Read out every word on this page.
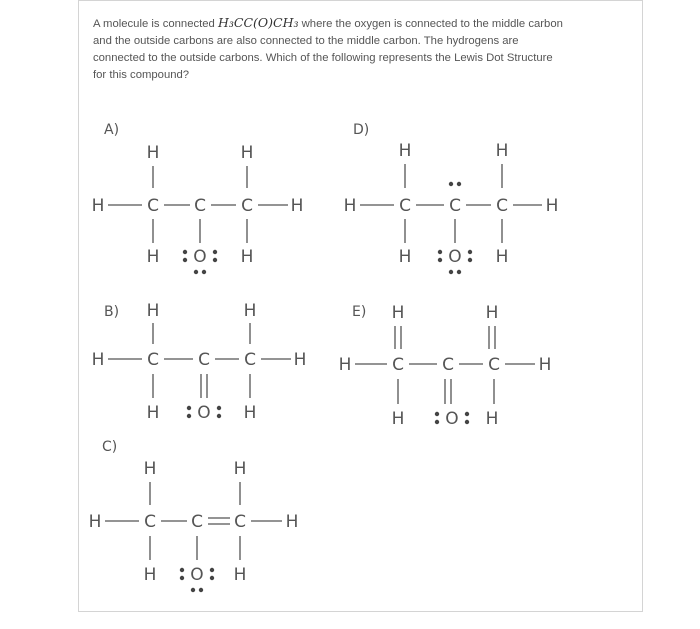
A molecule is connected H₃CC(O)CH₃ where the oxygen is connected to the middle carbon and the outside carbons are also connected to the middle carbon. The hydrogens are connected to the outside carbons. Which of the following represents the Lewis Dot Structure for this compound?
A)
H	H
H	C C C H
H O H
D)
H	H
H	C C C H
H O H
B) H	H
H	C C C H
H O H
E) H	H
H C C C H
H O H
C)
H	H
H	C C C H
H O H
